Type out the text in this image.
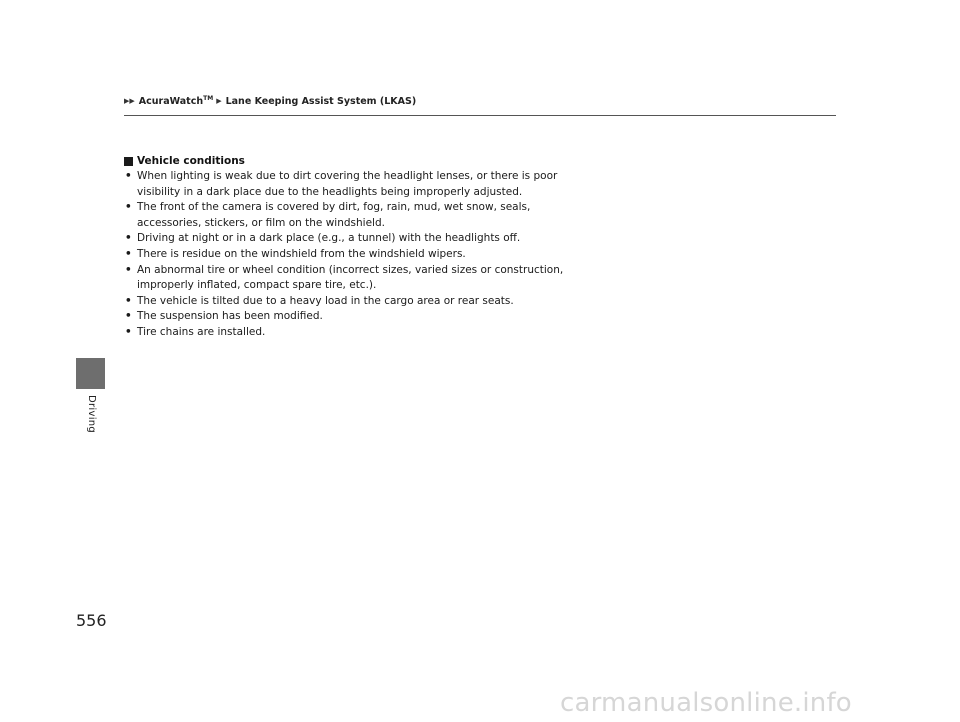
▶▶ AcuraWatch™ ▶ Lane Keeping Assist System (LKAS)
Driving
Vehicle conditions
• When lighting is weak due to dirt covering the headlight lenses, or there is poor visibility in a dark place due to the headlights being improperly adjusted.
• The front of the camera is covered by dirt, fog, rain, mud, wet snow, seals, accessories, stickers, or film on the windshield.
• Driving at night or in a dark place (e.g., a tunnel) with the headlights off.
• There is residue on the windshield from the windshield wipers.
• An abnormal tire or wheel condition (incorrect sizes, varied sizes or construction, improperly inflated, compact spare tire, etc.).
• The vehicle is tilted due to a heavy load in the cargo area or rear seats.
• The suspension has been modified.
• Tire chains are installed.
556
carmanualsonline.info
